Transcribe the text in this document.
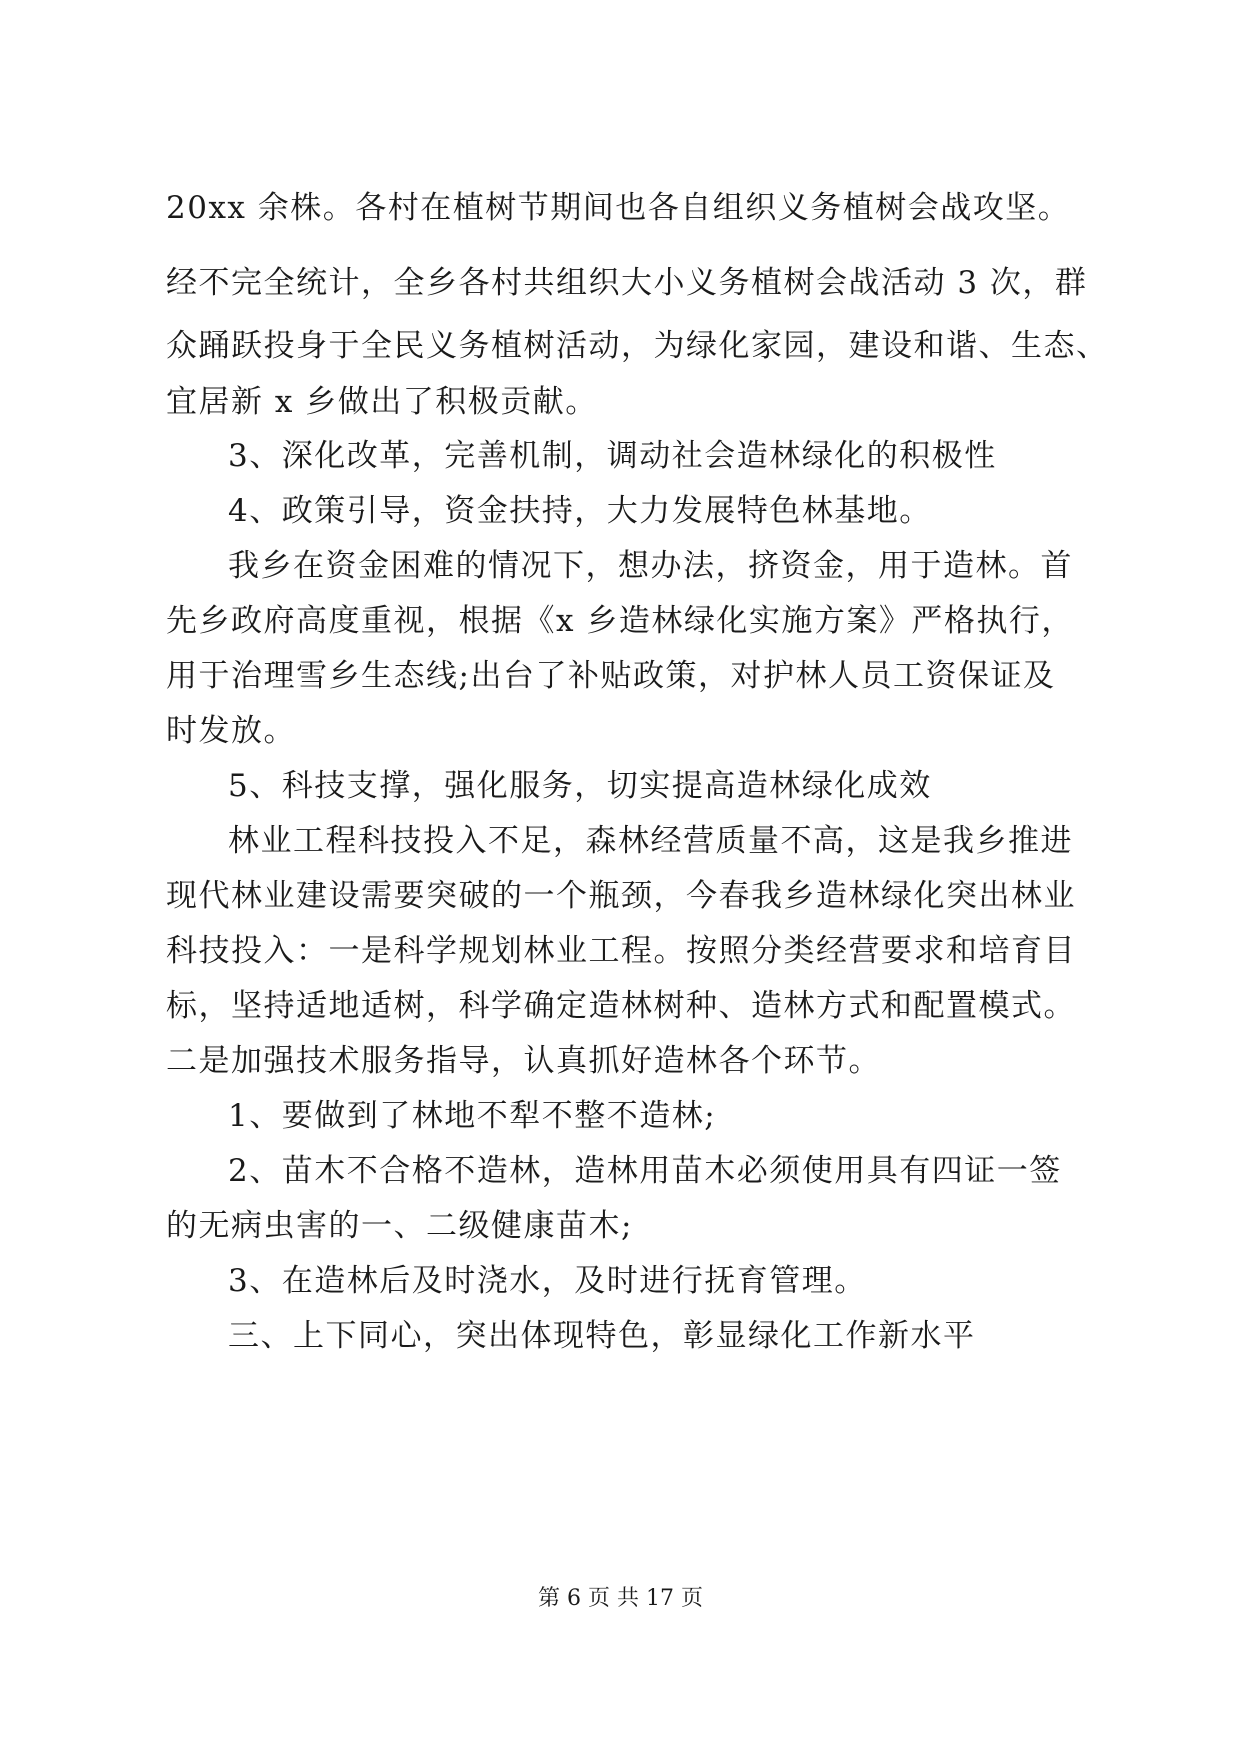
20xx 余株。各村在植树节期间也各自组织义务植树会战攻坚。
经不完全统计，全乡各村共组织大小义务植树会战活动 3 次，群
众踊跃投身于全民义务植树活动，为绿化家园，建设和谐、生态、
宜居新 x 乡做出了积极贡献。
3、深化改革，完善机制，调动社会造林绿化的积极性
4、政策引导，资金扶持，大力发展特色林基地。
我乡在资金困难的情况下，想办法，挤资金，用于造林。首
先乡政府高度重视，根据《x 乡造林绿化实施方案》严格执行，
用于治理雪乡生态线;出台了补贴政策，对护林人员工资保证及
时发放。
5、科技支撑，强化服务，切实提高造林绿化成效
林业工程科技投入不足，森林经营质量不高，这是我乡推进
现代林业建设需要突破的一个瓶颈，今春我乡造林绿化突出林业
科技投入：一是科学规划林业工程。按照分类经营要求和培育目
标，坚持适地适树，科学确定造林树种、造林方式和配置模式。
二是加强技术服务指导，认真抓好造林各个环节。
1、要做到了林地不犁不整不造林;
2、苗木不合格不造林，造林用苗木必须使用具有四证一签
的无病虫害的一、二级健康苗木;
3、在造林后及时浇水，及时进行抚育管理。
三、上下同心，突出体现特色，彰显绿化工作新水平
第 6 页 共 17 页
